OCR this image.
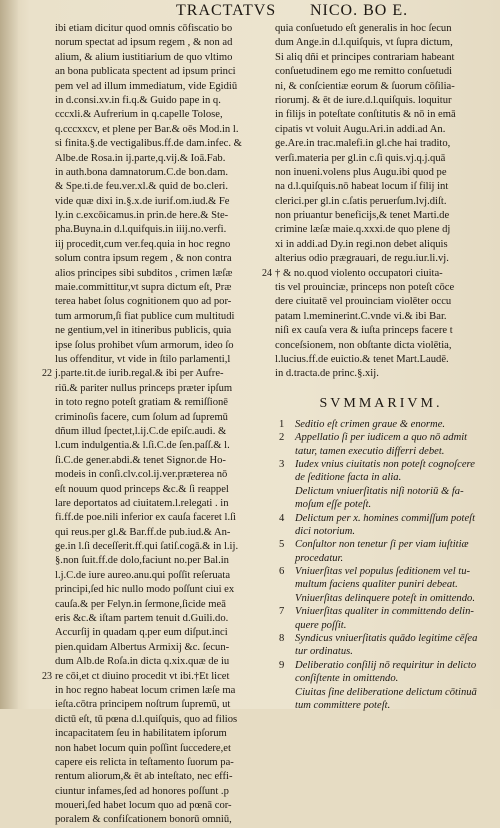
TRACTATVS NICO. BO E.
ibi etiam dicitur quod omnis cōfiscatio bo
norum spectat ad ipsum regem , & non ad
alium, & alium iustitiarium de quo vltimo
an bona publicata spectent ad ipsum princi
pem vel ad illum immediatum, vide Egidiū
in d.consi.xv.in fi.q.& Guido pape in q.
cccxli.& Aufrerium in q.capelle Tolose,
q.cccxxcv, et plene per Bar.& oēs Mod.in l.
si finita.§.de vectigalibus.ff.de dam.infec. &
Albe.de Rosa.in ij.parte,q.vij.& Ioā.Fab.
in auth.bona damnatorum.C.de bon.dam.
& Spe.ti.de feu.ver.xl.& quid de bo.cleri.
vide quæ dixi in.§.x.de iurif.om.iud.& Fe
ly.in c.excōicamus.in prin.de here.& Ste-
pha.Buyna.in d.l.quifquis.in iiij.no.verfi.
iij procedit,cum ver.feq.quia in hoc regno
solum contra ipsum regem , & non contra
alios principes sibi subditos , crimen læſæ
maie.committitur,vt supra dictum eſt, Præ
terea habet ſolus cognitionem quo ad por-
tum armorum,ſi fiat publice cum multitudi
ne gentium,vel in itineribus publicis, quia
ipse ſolus prohibet vſum armorum, ideo ſo
lus offenditur, vt vide in ſtilo parlamenti,l
22 j.parte.tit.de iurib.regal.& ibi per Aufre-
riū.& pariter nullus princeps præter ipſum
in toto regno poteſt gratiam & remiſſionē
criminoſis facere, cum ſolum ad ſupremū
dñum illud ſpectet,l.ij.C.de epiſc.audi. &
l.cum indulgentia.& l.ſi.C.de ſen.paſſ.& l.
ſi.C.de gener.abdi.& tenet Signor.de Ho-
modeis in conſi.clv.col.ij.ver.præterea nō
eſt nouum quod princeps &c.& ſi reappel
lare deportatos ad ciuitatem.l.relegati . in
fi.ff.de poe.nili inferior ex cauſa faceret l.ſi
qui reus.per gl.& Bar.ff.de pub.iud.& An-
ge.in l.ſi deceſſerit.ff.qui ſatiſ.cogā.& in l.ij.
§.non ſuit.ff.de dolo,faciunt no.per Bal.in
l.j.C.de iure aureo.anu.qui poſſit reſeruata
principi,ſed hic nullo modo poſſunt ciui ex
cauſa.& per Felyn.in ſermone,ſicide meā
eris &c.& iſtam partem tenuit d.Guili.do.
Accurſij in quadam q.per eum diſput.inci
pien.quidam Albertus Armixij &c. ſecun-
dum Alb.de Roſa.in dicta q.xix.quæ de iu
23 re cōi,et ct diuino procedit vt ibi.†Et licet
in hoc regno habeat locum crimen læſe ma
ieſta.cōtra principem noſtrum ſupremū, ut
dictū eſt, tū pœna d.l.quiſquis, quo ad filios
incapacitatem ſeu in habilitatem ipſorum
non habet locum quin poſſint ſuccedere,et
capere eis relicta in teſtamento ſuorum pa-
rentum aliorum,& ēt ab inteſtato, nec effi-
ciuntur infames,ſed ad honores poſſunt .p
moueri,ſed habet locum quo ad pœnā cor-
poralem & confiſcationem bonorū omniū,
quia conſuetudo eſt generalis in hoc ſecun
dum Ange.in d.l.quiſquis, vt ſupra dictum,
Si aliq dñi et principes contrariam habeant
conſuetudinem ego me remitto conſuetudi
ni, & conſcientiæ eorum & ſuorum cōſilia-
riorumj. & ēt de iure.d.l.quiſquis. loquitur
in filijs in poteſtate conſtitutis & nō in emā
cipatis vt voluit Augu.Ari.in addi.ad An.
ge.Are.in trac.malefi.in gl.che hai tradito,
verſi.materia per gl.in c.ſi quis.vj.q.j.quā
non inueni.volens plus Augu.ibi quod pe
na d.l.quiſquis.nō habeat locum iſ filij int
clerici.per gl.in c.ſatis peruerſum.lvj.diſt.
non priuantur beneficijs,& tenet Marti.de
crimine læſæ maie.q.xxxi.de quo plene dj
xi in addi.ad Dy.in regi.non debet aliquis
alterius odio prægrauari, de regu.iur.li.vj.
24 † & no.quod violento occupatori ciuita-
tis vel prouinciæ, princeps non poteſt cōce
dere ciuitatē vel prouinciam violēter occu
patam l.meminerint.C.vnde vi.& ibi Bar.
niſi ex cauſa vera & iuſta princeps facere t
conceſsionem, non obſtante dicta violētia,
l.lucius.ff.de euictio.& tenet Mart.Laudē.
in d.tracta.de princ.§.xij.
SVMMARIVM.
1 Seditio eſt crimen graue & enorme.
2 Appellatio ſi per iudicem a quo nō admit
tatur, tamen executio differri debet.
3 Iudex vnius ciuitatis non poteſt cognoſcere
de ſeditione facta in alia.
Delictum vniuerſitatis niſi notoriū & fa-
moſum eſſe poteſt.
4 Delictum per x. homines commiſſum poteſt
dici notorium.
5 Conſultor non tenetur ſi per viam iuſtitiæ
procedatur.
6 Vniuerſitas vel populus ſeditionem vel tu-
multum faciens qualiter puniri debeat.
Vniuerſitas delinquere poteſt in omittendo.
7 Vniuerſitas qualiter in committendo delin-
quere poſſit.
8 Syndicus vniuerſitatis quādo legitime cēſea
tur ordinatus.
9 Deliberatio conſilij nō requiritur in delicto
conſiſtente in omittendo.
Ciuitas ſine deliberatione delictum cōtinuā
tum committere poteſt.
